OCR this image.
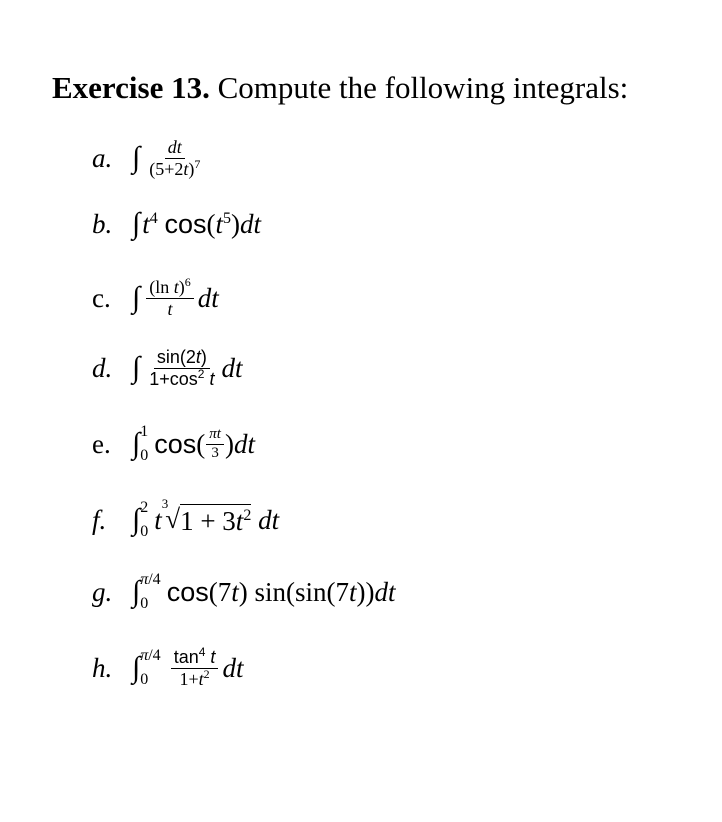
Exercise 13. Compute the following integrals:
a. ∫ $\frac{dt}{(5+2t)^7}$
b. ∫ $t^4$ $\cos(t^5)dt$
c. ∫ $\frac{(\ln t)^6}{t}$ dt
d. ∫ $\frac{\sin(2t)}{1+\cos^2 t}$ dt
e. ∫ 1
0 cos ( $\frac{\pi t}{3}$ ) dt
f. ∫ 2
0 t
3
√ $1 + 3t^2$
dt
g. ∫ π/4
0 cos (7 t ) sin(sin(7 t )) dt
h. ∫ π/4
0	$\frac{\tan^4 t}{1+t^2}$ dt
